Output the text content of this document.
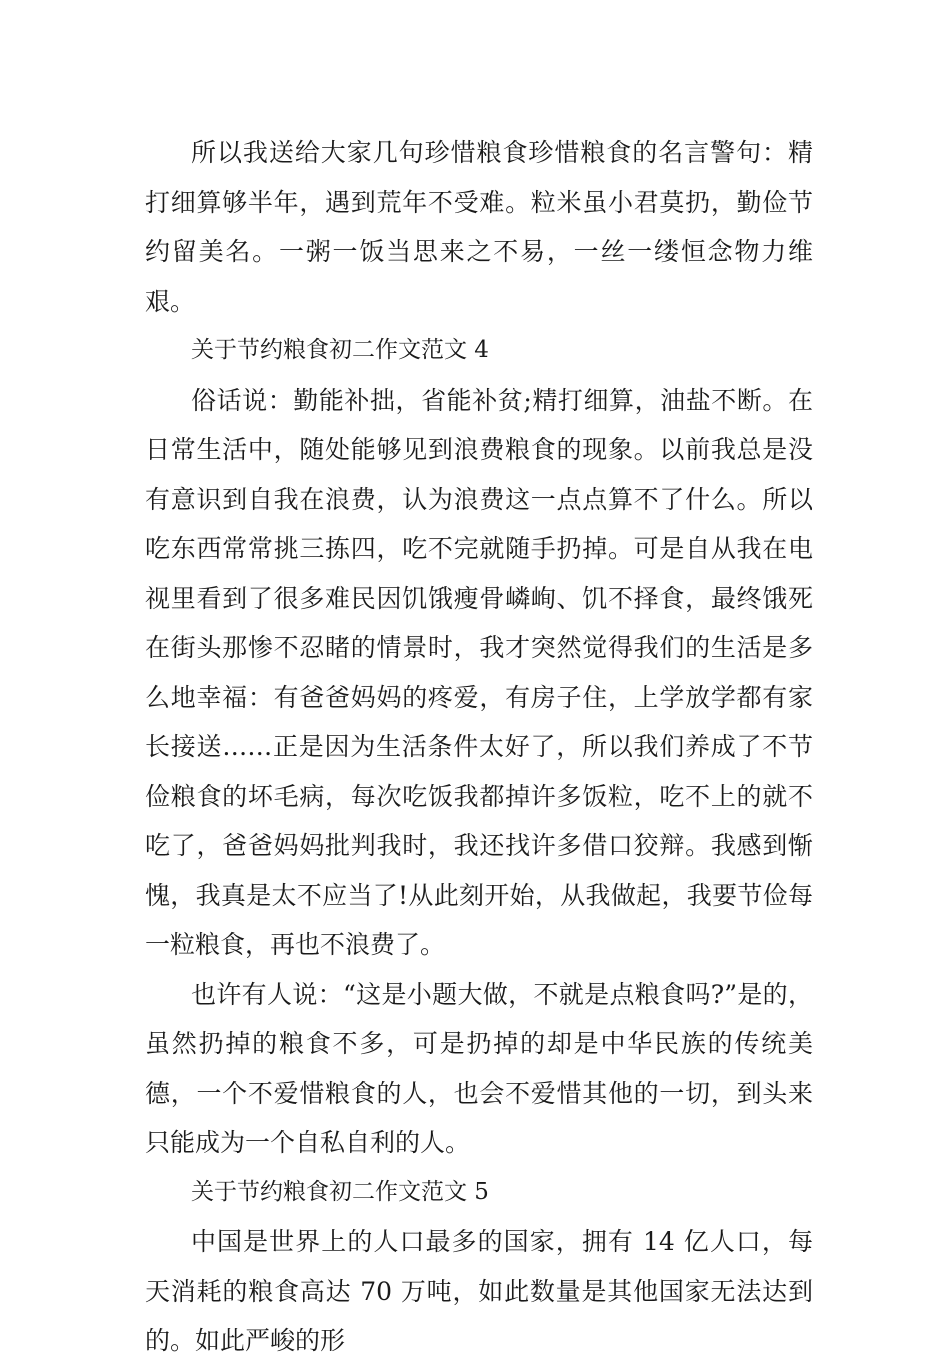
所以我送给大家几句珍惜粮食珍惜粮食的名言警句：精打细算够半年，遇到荒年不受难。粒米虽小君莫扔，勤俭节约留美名。一粥一饭当思来之不易，一丝一缕恒念物力维艰。

关于节约粮食初二作文范文 4

俗话说：勤能补拙，省能补贫;精打细算，油盐不断。在日常生活中，随处能够见到浪费粮食的现象。以前我总是没有意识到自我在浪费，认为浪费这一点点算不了什么。所以吃东西常常挑三拣四，吃不完就随手扔掉。可是自从我在电视里看到了很多难民因饥饿瘦骨嶙峋、饥不择食，最终饿死在街头那惨不忍睹的情景时，我才突然觉得我们的生活是多么地幸福：有爸爸妈妈的疼爱，有房子住，上学放学都有家长接送……正是因为生活条件太好了，所以我们养成了不节俭粮食的坏毛病，每次吃饭我都掉许多饭粒，吃不上的就不吃了，爸爸妈妈批判我时，我还找许多借口狡辩。我感到惭愧，我真是太不应当了!从此刻开始，从我做起，我要节俭每一粒粮食，再也不浪费了。

也许有人说：“这是小题大做，不就是点粮食吗?”是的，虽然扔掉的粮食不多，可是扔掉的却是中华民族的传统美德，一个不爱惜粮食的人，也会不爱惜其他的一切，到头来只能成为一个自私自利的人。

关于节约粮食初二作文范文 5

中国是世界上的人口最多的国家，拥有 14 亿人口，每天消耗的粮食高达 70 万吨，如此数量是其他国家无法达到的。如此严峻的形
